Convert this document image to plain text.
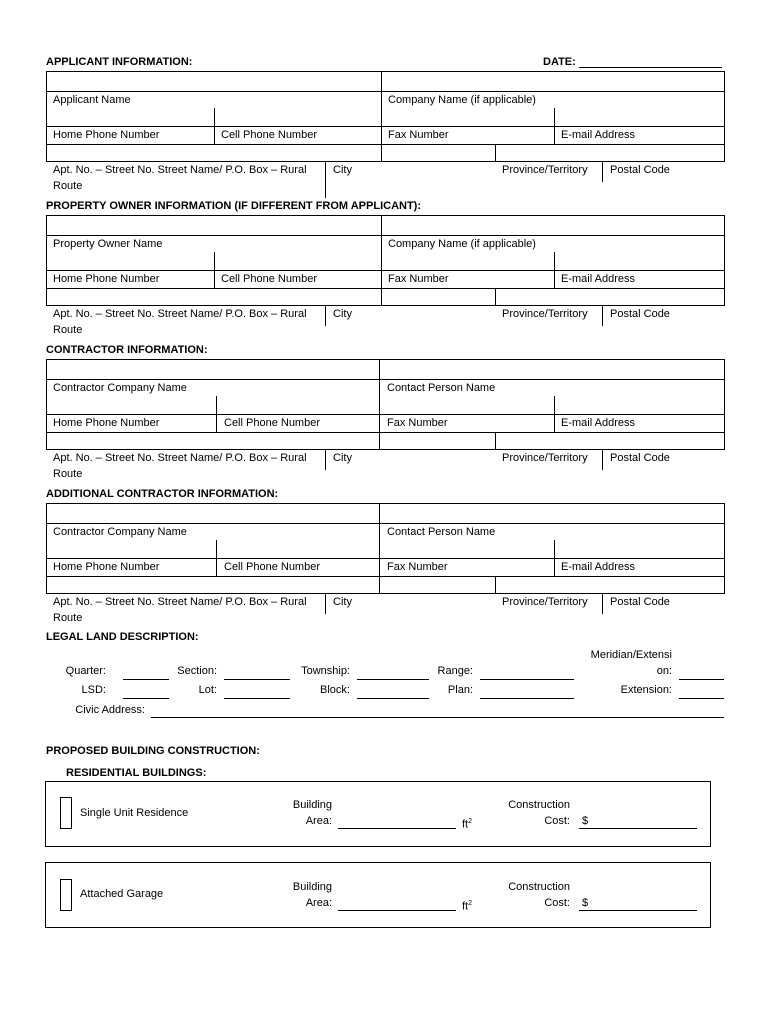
APPLICANT INFORMATION:	DATE:
Applicant Name	Company Name (if applicable)
Home Phone Number	Cell Phone Number	Fax Number	E-mail Address
Apt. No. – Street No. Street Name/ P.O. Box – Rural
Route
City	Province/Territory Postal Code
PROPERTY OWNER INFORMATION (IF DIFFERENT FROM APPLICANT):
Property Owner Name	Company Name (if applicable)
Home Phone Number	Cell Phone Number	Fax Number	E-mail Address
Apt. No. – Street No. Street Name/ P.O. Box – Rural
Route
City	Province/Territory Postal Code
CONTRACTOR INFORMATION:
Contractor Company Name	Contact Person Name
Home Phone Number	Cell Phone Number	Fax Number	E-mail Address
Apt. No. – Street No. Street Name/ P.O. Box – Rural
Route
City	Province/Territory Postal Code
ADDITIONAL CONTRACTOR INFORMATION:
Contractor Company Name	Contact Person Name
Home Phone Number	Cell Phone Number	Fax Number	E-mail Address
Apt. No. – Street No. Street Name/ P.O. Box – Rural
Route
City	Province/Territory Postal Code
LEGAL LAND DESCRIPTION:
Quarter:	Section:	Township:	Range:
Meridian/Extensi
on:
LSD:	Lot:	Block:	Plan:	Extension:
Civic Address:
PROPOSED BUILDING CONSTRUCTION:
RESIDENTIAL BUILDINGS:
Single Unit Residence
Building
Area:	$ft^2$
Construction
Cost: $
Attached Garage
Building
Area:	$ft^2$
Construction
Cost: $
